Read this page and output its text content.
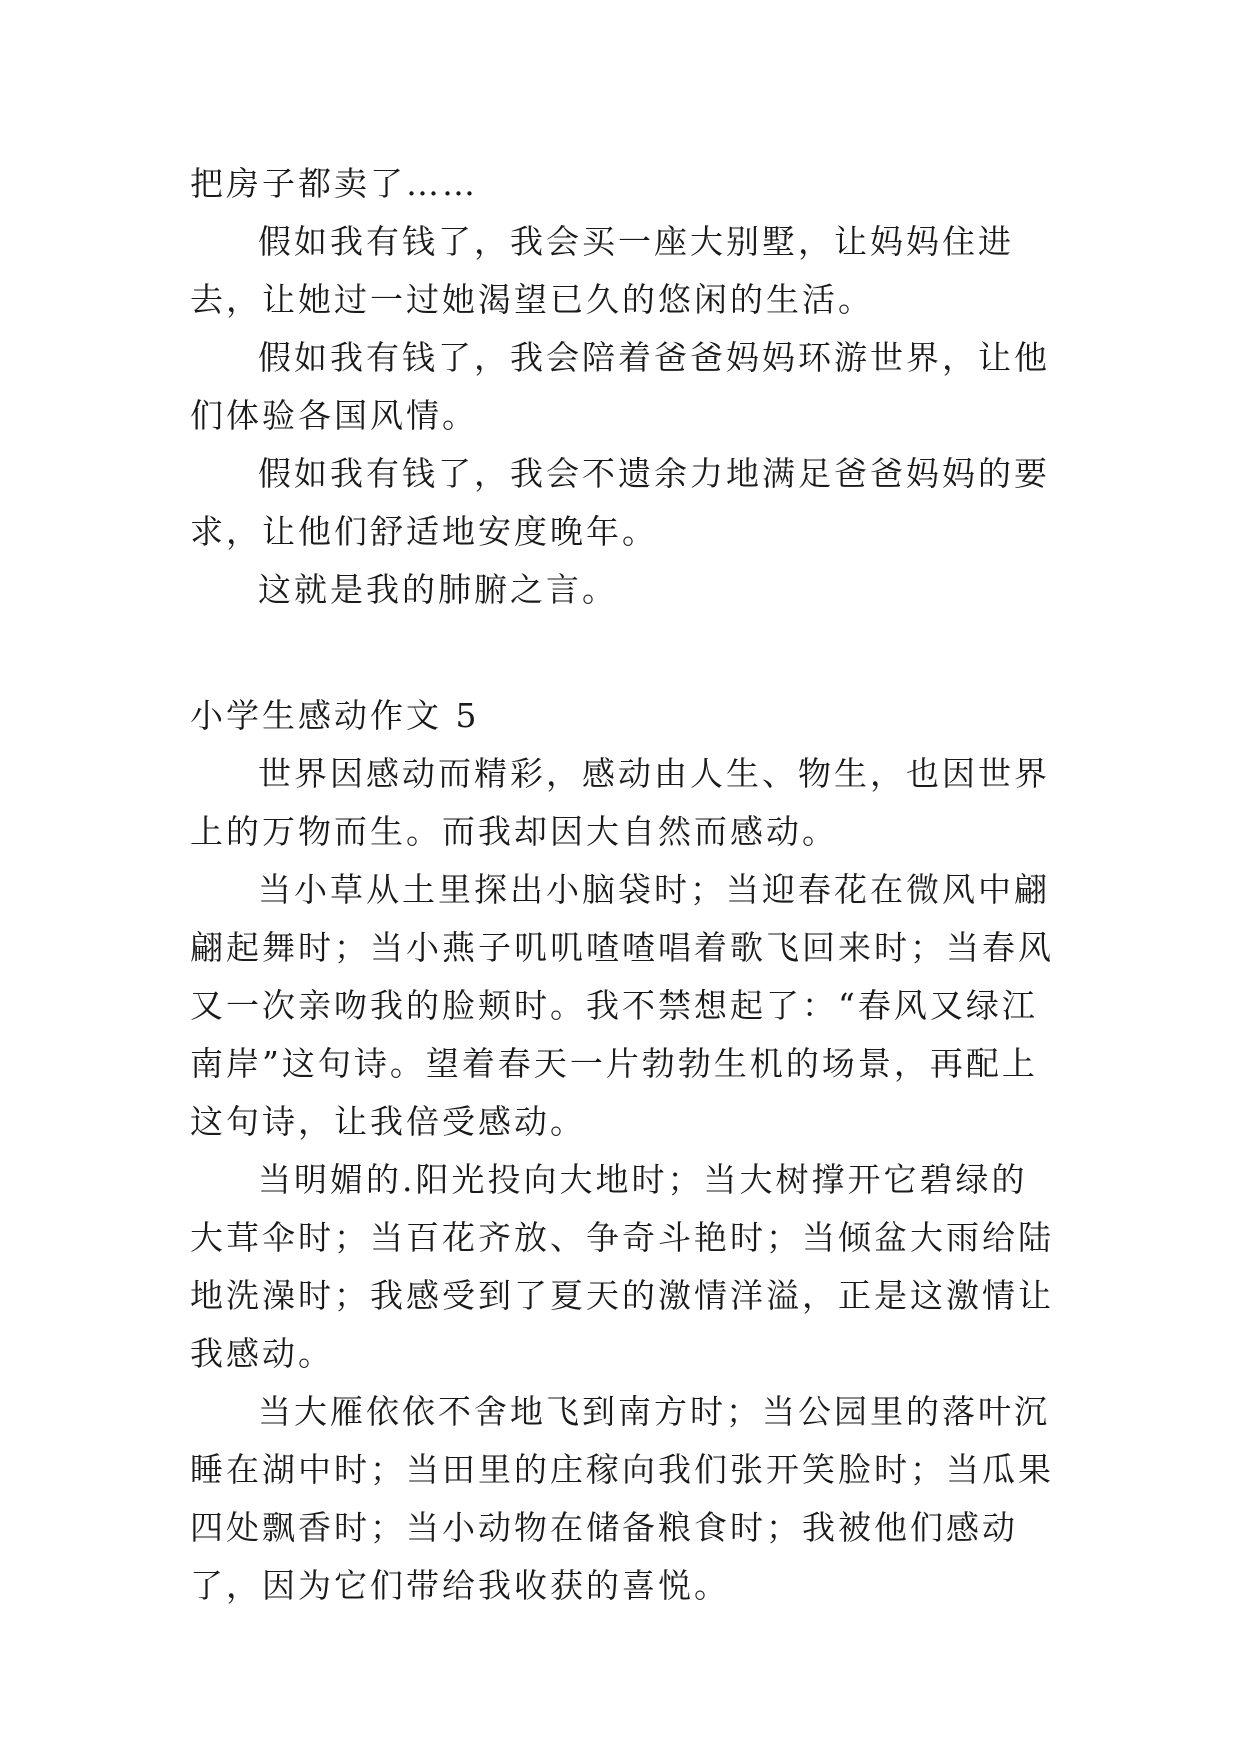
把房子都卖了……

假如我有钱了，我会买一座大别墅，让妈妈住进去，让她过一过她渴望已久的悠闲的生活。

假如我有钱了，我会陪着爸爸妈妈环游世界，让他们体验各国风情。

假如我有钱了，我会不遗余力地满足爸爸妈妈的要求，让他们舒适地安度晚年。

这就是我的肺腑之言。

小学生感动作文 5

世界因感动而精彩，感动由人生、物生，也因世界上的万物而生。而我却因大自然而感动。

当小草从土里探出小脑袋时；当迎春花在微风中翩翩起舞时；当小燕子叽叽喳喳唱着歌飞回来时；当春风又一次亲吻我的脸颊时。我不禁想起了：“春风又绿江南岸”这句诗。望着春天一片勃勃生机的场景，再配上这句诗，让我倍受感动。

当明媚的.阳光投向大地时；当大树撑开它碧绿的大茸伞时；当百花齐放、争奇斗艳时；当倾盆大雨给陆地洗澡时；我感受到了夏天的激情洋溢，正是这激情让我感动。

当大雁依依不舍地飞到南方时；当公园里的落叶沉睡在湖中时；当田里的庄稼向我们张开笑脸时；当瓜果四处飘香时；当小动物在储备粮食时；我被他们感动了，因为它们带给我收获的喜悦。
